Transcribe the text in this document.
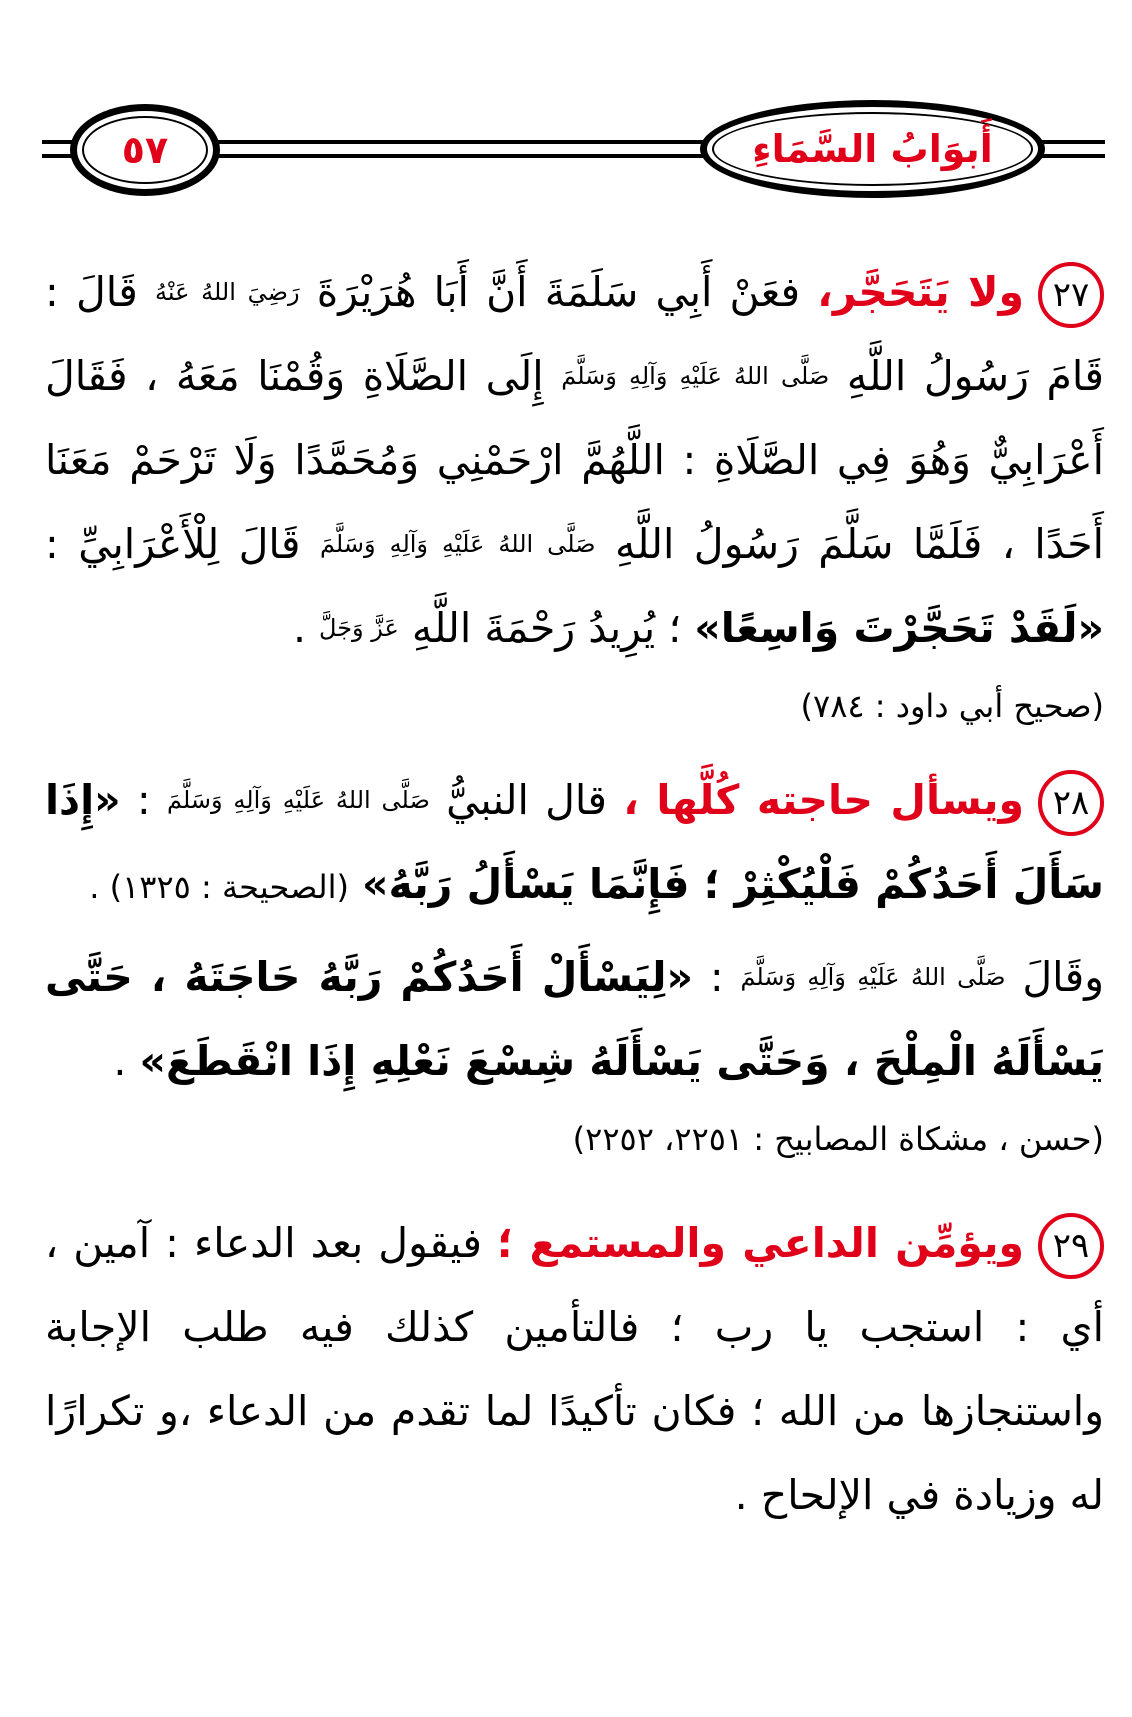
٥٧	أَبوَابُ السَّمَاءِ

٢٧ولا يَتَحَجَّر، فعَنْ أَبِي سَلَمَةَ أَنَّ أَبَا هُرَيْرَةَ $^{رَضِيَ اللهُ عَنْهُ}$ قَالَ : قَامَ رَسُولُ اللَّهِ $^{صَلَّى اللهُ عَلَيْهِ وَآلِهِ وَسَلَّمَ}$ إِلَى الصَّلَاةِ وَقُمْنَا مَعَهُ ، فَقَالَ أَعْرَابِيٌّ وَهُوَ فِي الصَّلَاةِ : اللَّهُمَّ ارْحَمْنِي وَمُحَمَّدًا وَلَا تَرْحَمْ مَعَنَا أَحَدًا ، فَلَمَّا سَلَّمَ رَسُولُ اللَّهِ $^{صَلَّى اللهُ عَلَيْهِ وَآلِهِ وَسَلَّمَ}$ قَالَ لِلْأَعْرَابِيِّ : «لَقَدْ تَحَجَّرْتَ وَاسِعًا» ؛ يُرِيدُ رَحْمَةَ اللَّهِ $^{عَزَّ وَجَلَّ}$ .

(صحيح أبي داود : ٧٨٤)

٢٨ويسأل حاجته كُلَّها ، قال النبيُّ $^{صَلَّى اللهُ عَلَيْهِ وَآلِهِ وَسَلَّمَ}$ : «إِذَا سَأَلَ أَحَدُكُمْ فَلْيُكْثِرْ ؛ فَإِنَّمَا يَسْأَلُ رَبَّهُ» (الصحيحة : ١٣٢٥) .

وقَالَ $^{صَلَّى اللهُ عَلَيْهِ وَآلِهِ وَسَلَّمَ}$ : «لِيَسْأَلْ أَحَدُكُمْ رَبَّهُ حَاجَتَهُ ، حَتَّى يَسْأَلَهُ الْمِلْحَ ، وَحَتَّى يَسْأَلَهُ شِسْعَ نَعْلِهِ إِذَا انْقَطَعَ» .

(حسن ، مشكاة المصابيح : ٢٢٥١، ٢٢٥٢)

٢٩ويؤمِّن الداعي والمستمع ؛ فيقول بعد الدعاء : آمين ، أي : استجب يا رب ؛ فالتأمين كذلك فيه طلب الإجابة واستنجازها من الله ؛ فكان تأكيدًا لما تقدم من الدعاء ،و تكرارًا له وزيادة في الإلحاح .
